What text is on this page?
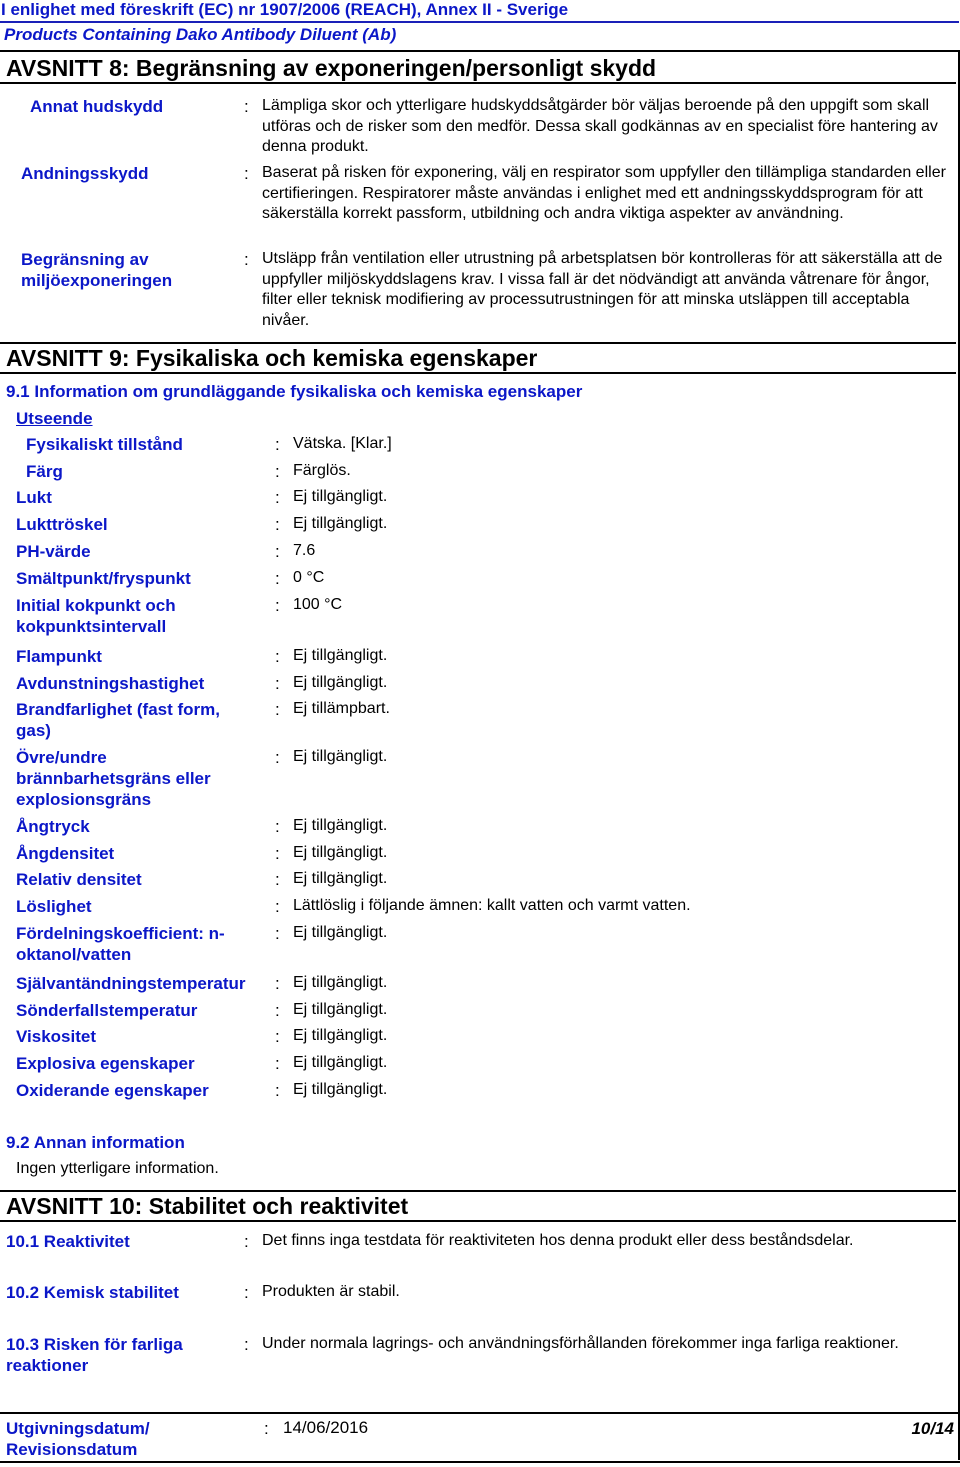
I enlighet med föreskrift (EC) nr 1907/2006 (REACH), Annex II - Sverige
Products Containing Dako Antibody Diluent (Ab)
AVSNITT 8: Begränsning av exponeringen/personligt skydd
Annat hudskydd	: Lämpliga skor och ytterligare hudskyddsåtgärder bör väljas beroende på den uppgift som skall utföras och de risker som den medför. Dessa skall godkännas av en specialist före hantering av denna produkt.
Andningsskydd	: Baserat på risken för exponering, välj en respirator som uppfyller den tillämpliga standarden eller certifieringen. Respiratorer måste användas i enlighet med ett andningsskyddsprogram för att säkerställa korrekt passform, utbildning och andra viktiga aspekter av användning.
Begränsning av miljöexponeringen
: Utsläpp från ventilation eller utrustning på arbetsplatsen bör kontrolleras för att säkerställa att de uppfyller miljöskyddslagens krav. I vissa fall är det nödvändigt att använda våtrenare för ångor, filter eller teknisk modifiering av processutrustningen för att minska utsläppen till acceptabla nivåer.
AVSNITT 9: Fysikaliska och kemiska egenskaper
9.1 Information om grundläggande fysikaliska och kemiska egenskaper
Utseende
Fysikaliskt tillstånd	: Vätska. [Klar.]
Färg	: Färglös.
Lukt	: Ej tillgängligt.
Lukttröskel	: Ej tillgängligt.
PH-värde	: 7.6
Smältpunkt/fryspunkt	: 0 °C
Initial kokpunkt och kokpunktsintervall
: 100 °C
Flampunkt	: Ej tillgängligt.
Avdunstningshastighet	: Ej tillgängligt.
Brandfarlighet (fast form, gas)
: Ej tillämpbart.
Övre/undre brännbarhetsgräns eller explosionsgräns
: Ej tillgängligt.
Ångtryck	: Ej tillgängligt.
Ångdensitet	: Ej tillgängligt.
Relativ densitet	: Ej tillgängligt.
Löslighet	: Lättlöslig i följande ämnen: kallt vatten och varmt vatten.
Fördelningskoefficient: n-oktanol/vatten
: Ej tillgängligt.
Självantändningstemperatur	: Ej tillgängligt.
Sönderfallstemperatur	: Ej tillgängligt.
Viskositet	: Ej tillgängligt.
Explosiva egenskaper	: Ej tillgängligt.
Oxiderande egenskaper	: Ej tillgängligt.
9.2 Annan information
Ingen ytterligare information.
AVSNITT 10: Stabilitet och reaktivitet
10.1 Reaktivitet	: Det finns inga testdata för reaktiviteten hos denna produkt eller dess beståndsdelar.
10.2 Kemisk stabilitet	: Produkten är stabil.
10.3 Risken för farliga reaktioner
: Under normala lagrings- och användningsförhållanden förekommer inga farliga reaktioner.
Utgivningsdatum/ Revisionsdatum
: 14/06/2016	10/14
